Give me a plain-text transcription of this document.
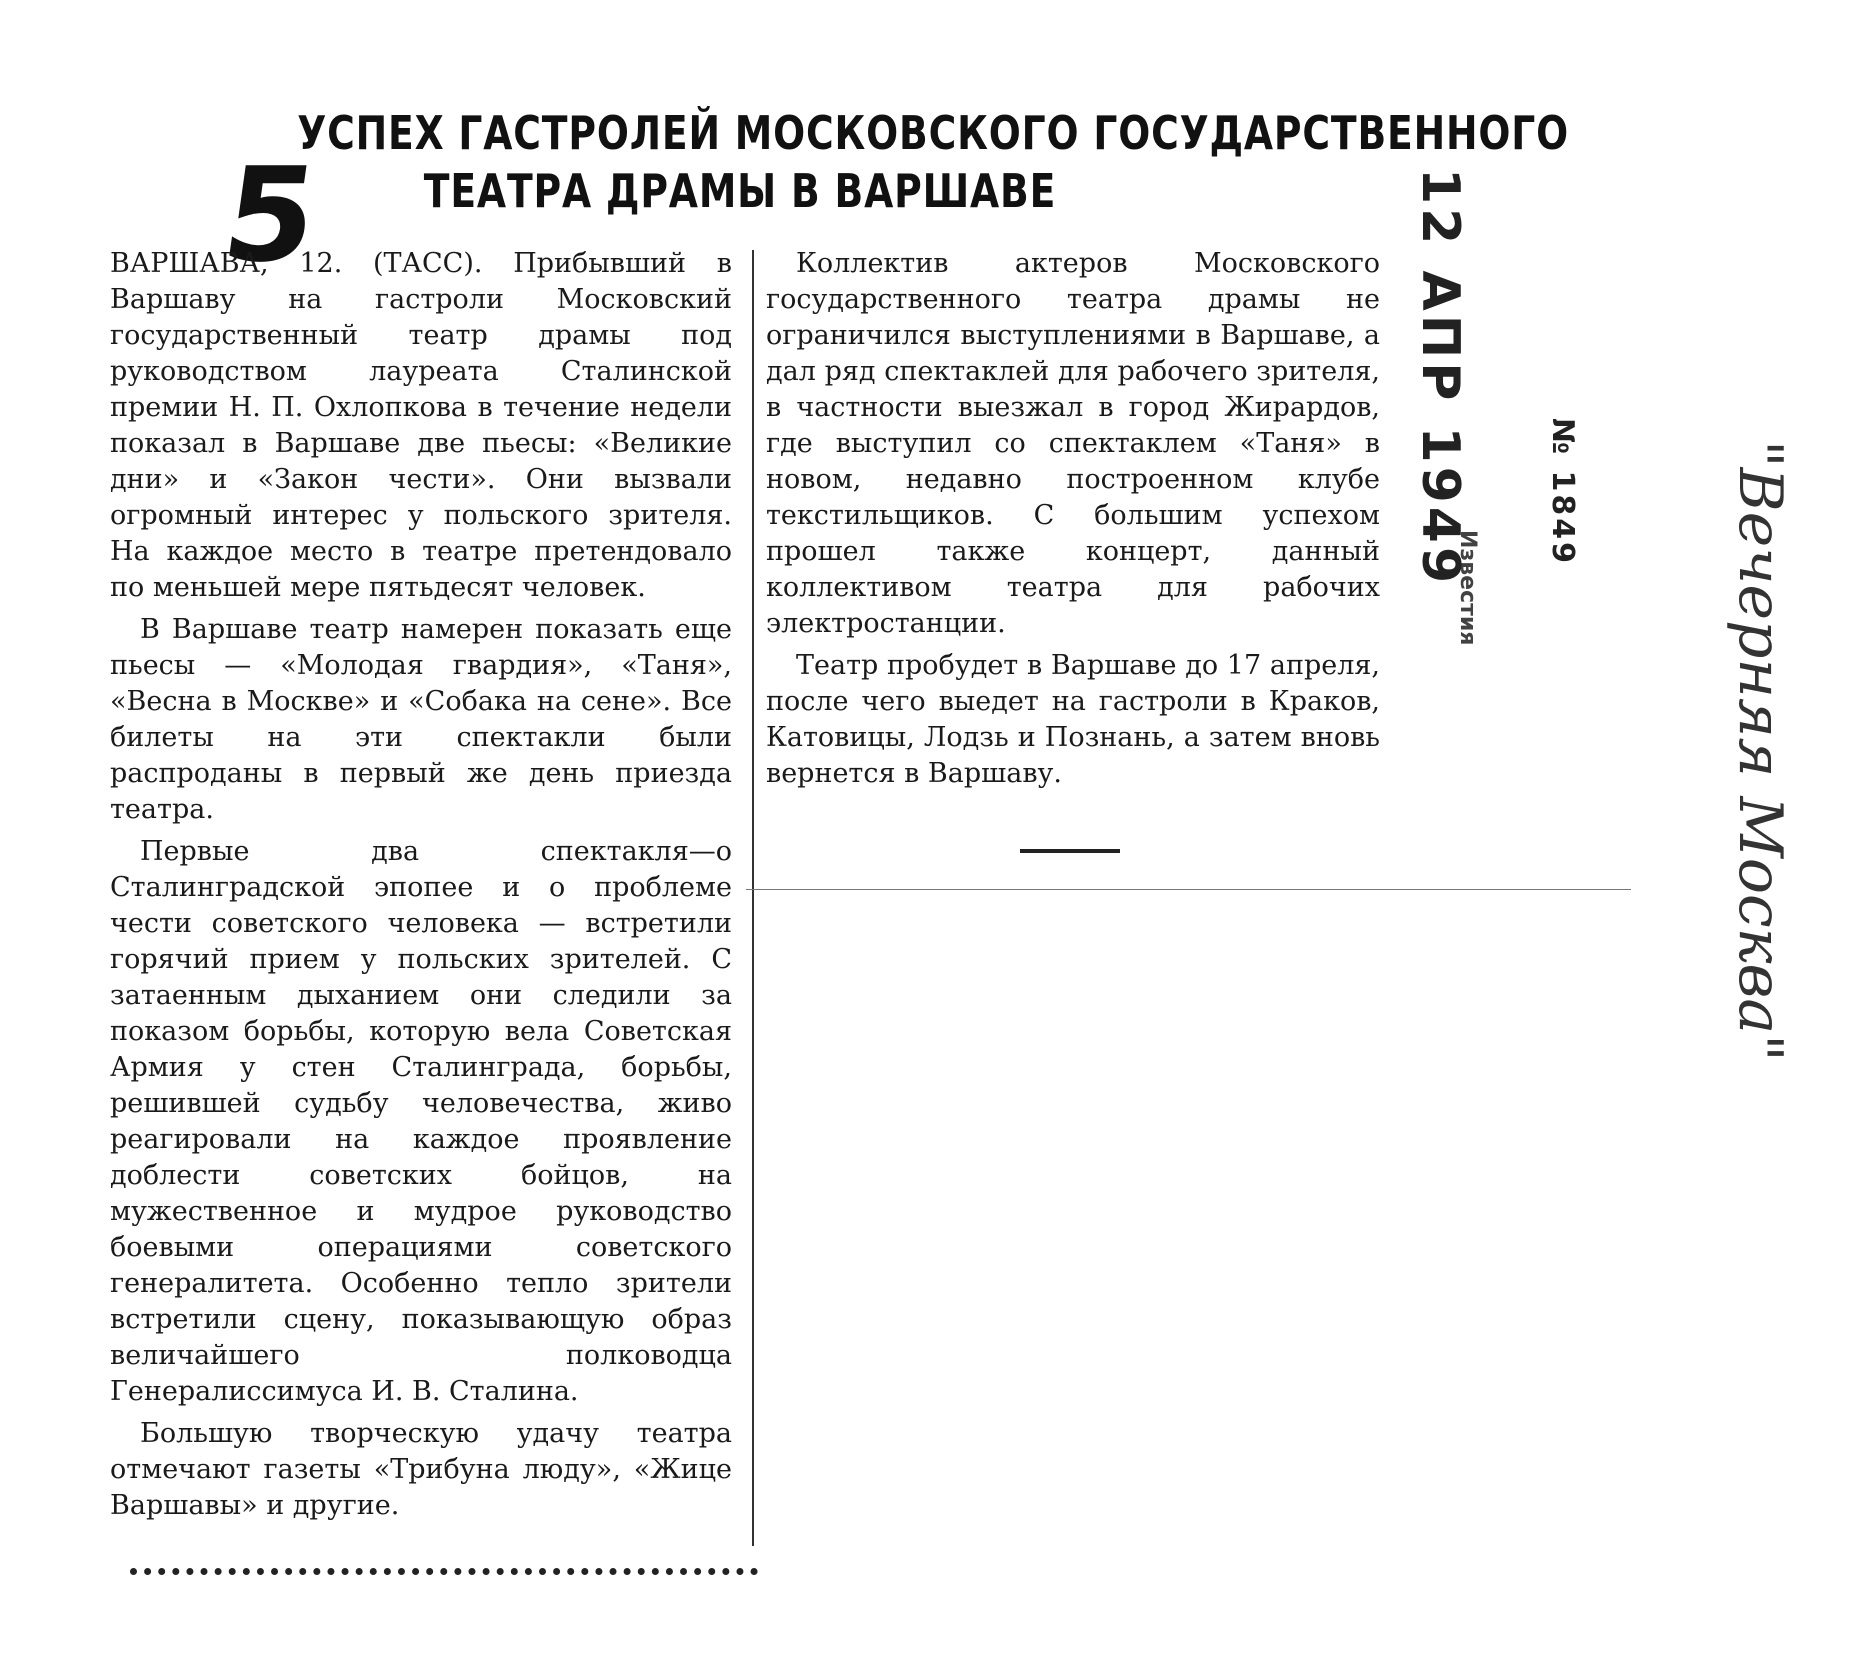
УСПЕХ ГАСТРОЛЕЙ МОСКОВСКОГО ГОСУДАРСТВЕННОГО
ТЕАТРА ДРАМЫ В ВАРШАВЕ
5

ВАРШАВА, 12. (ТАСС). Прибывший в Варшаву на гастроли Московский государственный театр драмы под руководством лауреата Сталинской премии Н. П. Охлопкова в течение недели показал в Варшаве две пьесы: «Великие дни» и «Закон чести». Они вызвали огромный интерес у польского зрителя. На каждое место в театре претендовало по меньшей мере пятьдесят человек.

В Варшаве театр намерен показать еще пьесы — «Молодая гвардия», «Таня», «Весна в Москве» и «Собака на сене». Все билеты на эти спектакли были распроданы в первый же день приезда театра.

Первые два спектакля—о Сталинградской эпопее и о проблеме чести советского человека — встретили горячий прием у польских зрителей. С затаенным дыханием они следили за показом борьбы, которую вела Советская Армия у стен Сталинграда, борьбы, решившей судьбу человечества, живо реагировали на каждое проявление доблести советских бойцов, на мужественное и мудрое руководство боевыми операциями советского генералитета. Особенно тепло зрители встретили сцену, показывающую образ величайшего полководца Генералиссимуса И. В. Сталина.

Большую творческую удачу театра отмечают газеты «Трибуна люду», «Жице Варшавы» и другие.

Коллектив актеров Московского государственного театра драмы не ограничился выступлениями в Варшаве, а дал ряд спектаклей для рабочего зрителя, в частности выезжал в город Жирардов, где выступил со спектаклем «Таня» в новом, недавно построенном клубе текстильщиков. С большим успехом прошел также концерт, данный коллективом театра для рабочих электростанции.

Театр пробудет в Варшаве до 17 апреля, после чего выедет на гастроли в Краков, Катовицы, Лодзь и Познань, а затем вновь вернется в Варшаву.

12 АПР 1949
Известия
№ 1849 "Вечерняя Москва"
